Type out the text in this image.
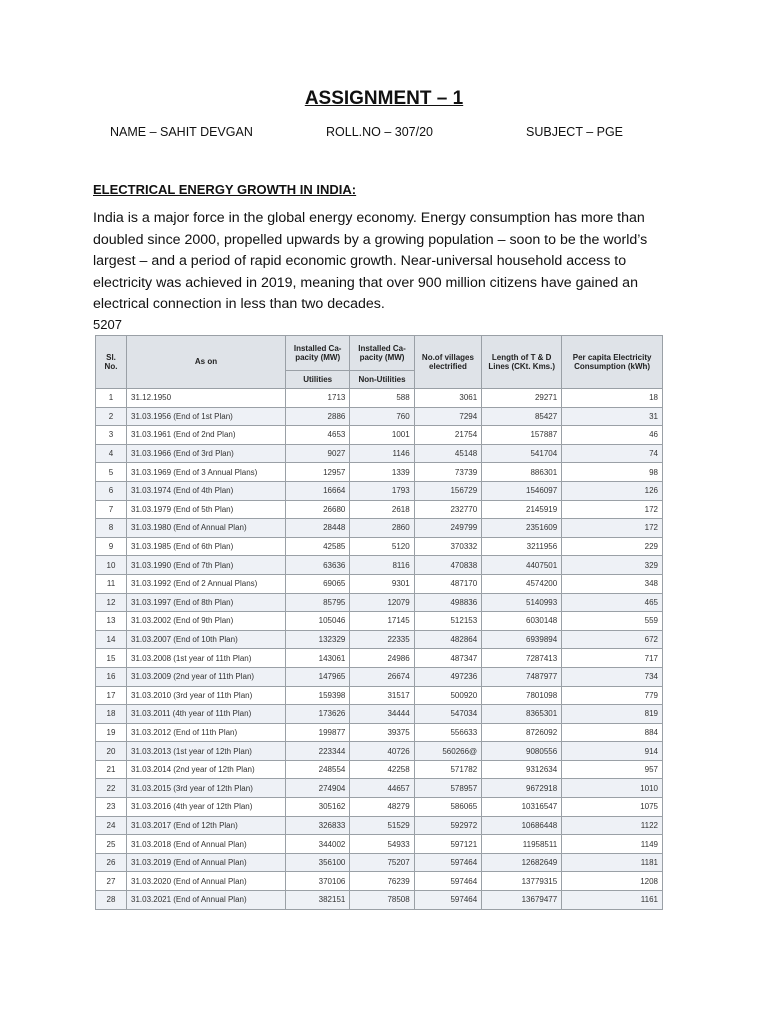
ASSIGNMENT – 1
NAME – SAHIT DEVGAN	ROLL.NO – 307/20	SUBJECT – PGE
ELECTRICAL ENERGY GROWTH IN INDIA:
India is a major force in the global energy economy. Energy consumption has more than doubled since 2000, propelled upwards by a growing population – soon to be the world’s largest – and a period of rapid economic growth. Near-universal household access to electricity was achieved in 2019, meaning that over 900 million citizens have gained an electrical connection in less than two decades.
5207
Sl. No.	As on	Installed Ca-pacity (MW)	Installed Ca-pacity (MW)	No.of villages electrified	Length of T & D Lines (CKt. Kms.)	Per capita Electricity Consumption (kWh)
		Utilities	Non-Utilities			
1	31.12.1950	1713	588	3061	29271	18
2	31.03.1956 (End of 1st Plan)	2886	760	7294	85427	31
3	31.03.1961 (End of 2nd Plan)	4653	1001	21754	157887	46
4	31.03.1966 (End of 3rd Plan)	9027	1146	45148	541704	74
5	31.03.1969 (End of 3 Annual Plans)	12957	1339	73739	886301	98
6	31.03.1974 (End of 4th Plan)	16664	1793	156729	1546097	126
7	31.03.1979 (End of 5th Plan)	26680	2618	232770	2145919	172
8	31.03.1980 (End of Annual Plan)	28448	2860	249799	2351609	172
9	31.03.1985 (End of 6th Plan)	42585	5120	370332	3211956	229
10	31.03.1990 (End of 7th Plan)	63636	8116	470838	4407501	329
11	31.03.1992 (End of 2 Annual Plans)	69065	9301	487170	4574200	348
12	31.03.1997 (End of 8th Plan)	85795	12079	498836	5140993	465
13	31.03.2002 (End of 9th Plan)	105046	17145	512153	6030148	559
14	31.03.2007 (End of 10th Plan)	132329	22335	482864	6939894	672
15	31.03.2008 (1st year of 11th Plan)	143061	24986	487347	7287413	717
16	31.03.2009 (2nd year of 11th Plan)	147965	26674	497236	7487977	734
17	31.03.2010 (3rd year of 11th Plan)	159398	31517	500920	7801098	779
18	31.03.2011 (4th year of 11th Plan)	173626	34444	547034	8365301	819
19	31.03.2012 (End of 11th Plan)	199877	39375	556633	8726092	884
20	31.03.2013 (1st year of 12th Plan)	223344	40726	560266@	9080556	914
21	31.03.2014 (2nd year of 12th Plan)	248554	42258	571782	9312634	957
22	31.03.2015 (3rd year of 12th Plan)	274904	44657	578957	9672918	1010
23	31.03.2016 (4th year of 12th Plan)	305162	48279	586065	10316547	1075
24	31.03.2017 (End of 12th Plan)	326833	51529	592972	10686448	1122
25	31.03.2018 (End of Annual Plan)	344002	54933	597121	11958511	1149
26	31.03.2019 (End of Annual Plan)	356100	75207	597464	12682649	1181
27	31.03.2020 (End of Annual Plan)	370106	76239	597464	13779315	1208
28	31.03.2021 (End of Annual Plan)	382151	78508	597464	13679477	1161
